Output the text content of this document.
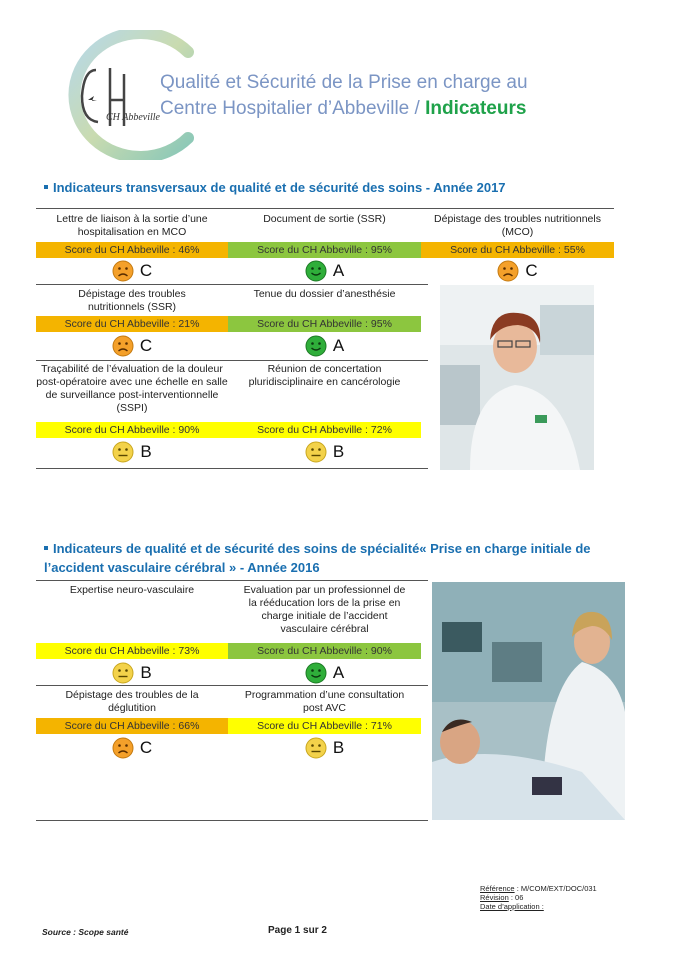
CH Abbeville
Qualité et Sécurité de la Prise en charge au
Centre Hospitalier d’Abbeville / Indicateurs
Indicateurs transversaux de qualité et de sécurité des soins - Année 2017
Lettre de liaison à la sortie d’une hospitalisation en MCO
Score du CH Abbeville : 46%
C
Document de sortie (SSR)
Score du CH Abbeville : 95%
A
Dépistage des troubles nutritionnels (MCO)
Score du CH Abbeville : 55%
C
Dépistage des troubles nutritionnels (SSR)
Score du CH Abbeville : 21%
C
Tenue du dossier d’anesthésie
Score du CH Abbeville : 95%
A
Traçabilité de l’évaluation de la douleur post-opératoire avec une échelle en salle de surveillance post-interventionnelle (SSPI)
Score du CH Abbeville : 90%
B
Réunion de concertation pluridisciplinaire en cancérologie
Score du CH Abbeville : 72%
B
Indicateurs de qualité et de sécurité des soins de spécialité« Prise en charge initiale de
l’accident vasculaire cérébral » - Année 2016
Expertise neuro-vasculaire
Score du CH Abbeville : 73%
B
Evaluation par un professionnel de la rééducation lors de la prise en charge initiale de l’accident vasculaire cérébral
Score du CH Abbeville : 90%
A
Dépistage des troubles de la déglutition
Score du CH Abbeville : 66%
C
Programmation d’une consultation post AVC
Score du CH Abbeville : 71%
B
Référence : M/COM/EXT/DOC/031
Révision : 06
Date d’application :
Source : Scope santé	Page 1 sur 2
